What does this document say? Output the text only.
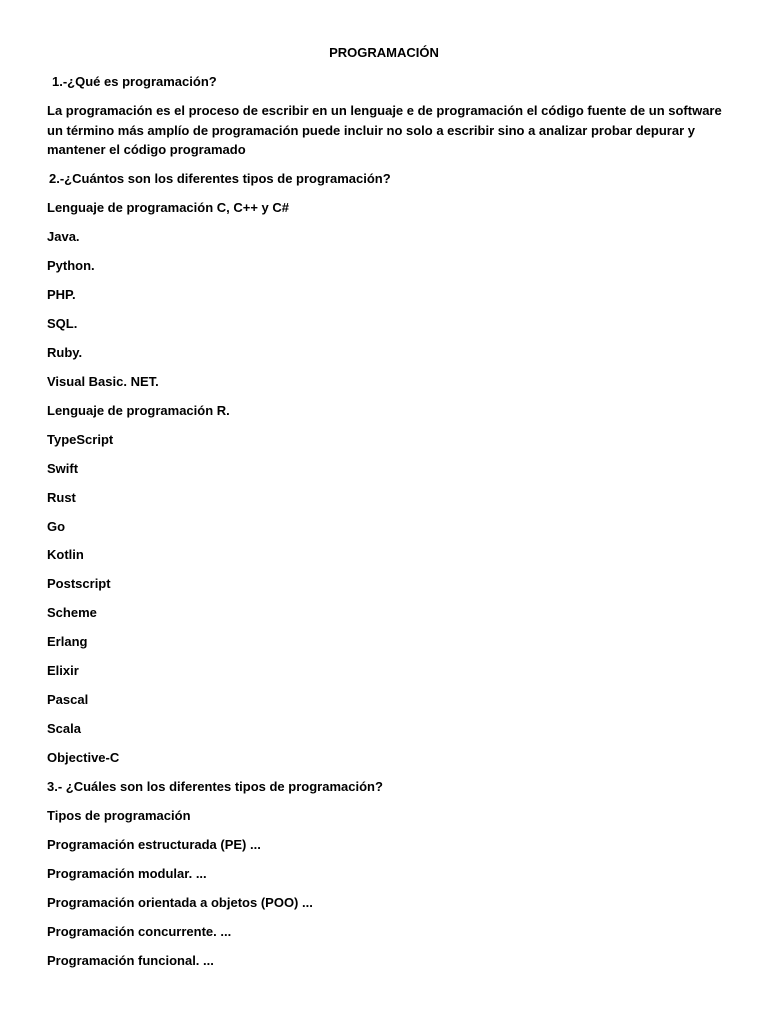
PROGRAMACIÓN
1.-¿Qué es programación?
La programación es el proceso de escribir en un lenguaje e de programación el código fuente de un software un término más amplío de programación puede incluir no solo a escribir sino a analizar probar depurar y mantener el código programado
2.-¿Cuántos son los diferentes tipos de programación?
Lenguaje de programación C, C++ y C#
Java.
Python.
PHP.
SQL.
Ruby.
Visual Basic. NET.
Lenguaje de programación R.
TypeScript
Swift
Rust
Go
Kotlin
Postscript
Scheme
Erlang
Elixir
Pascal
Scala
Objective-C
3.- ¿Cuáles son los diferentes tipos de programación?
Tipos de programación
Programación estructurada (PE) ...
Programación modular. ...
Programación orientada a objetos (POO) ...
Programación concurrente. ...
Programación funcional. ...
